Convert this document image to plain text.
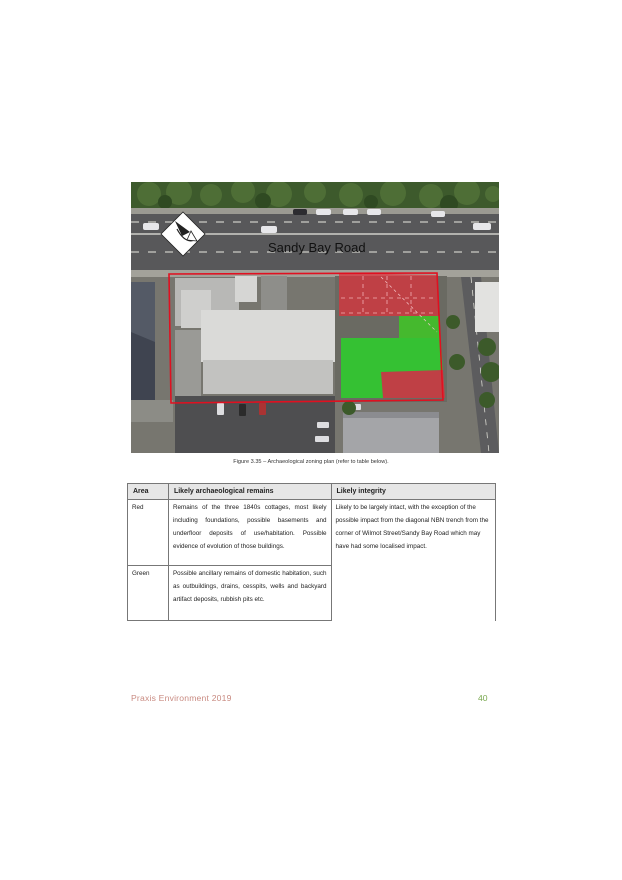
Sandy Bay Road
Figure 3.35 – Archaeological zoning plan (refer to table below).
Area	Likely archaeological remains	Likely integrity
Red	Remains of the three 1840s cottages, most likely including foundations, possible basements and underfloor deposits of use/habitation. Possible evidence of evolution of those buildings.	Likely to be largely intact, with the exception of the possible impact from the diagonal NBN trench from the corner of Wilmot Street/Sandy Bay Road which may have had some localised impact.
Green	Possible ancillary remains of domestic habitation, such as outbuildings, drains, cesspits, wells and backyard artifact deposits, rubbish pits etc.	
Praxis Environment 2019	40
